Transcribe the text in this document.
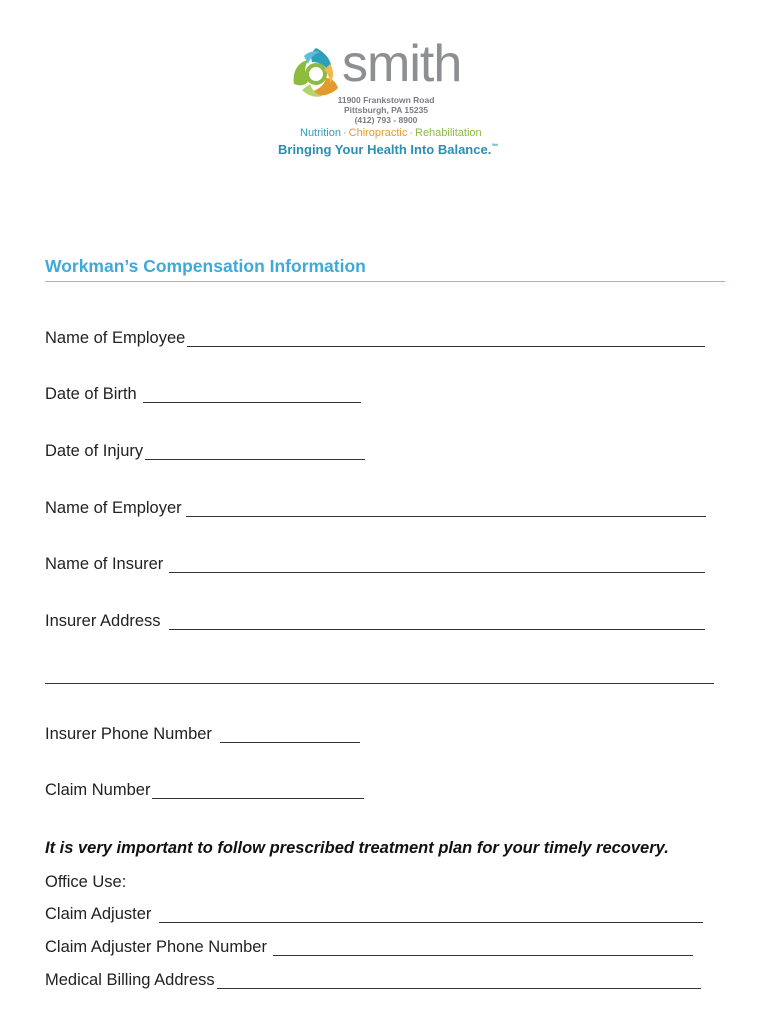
smith
11900 Frankstown Road
Pittsburgh, PA 15235
(412) 793 - 8900
Nutrition · Chiropractic · Rehabilitation
Bringing Your Health Into Balance.™
Workman’s Compensation Information
Name of Employee
Date of Birth
Date of Injury
Name of Employer
Name of Insurer
Insurer Address
Insurer Phone Number
Claim Number
It is very important to follow prescribed treatment plan for your timely recovery.
Office Use:
Claim Adjuster
Claim Adjuster Phone Number
Medical Billing Address
